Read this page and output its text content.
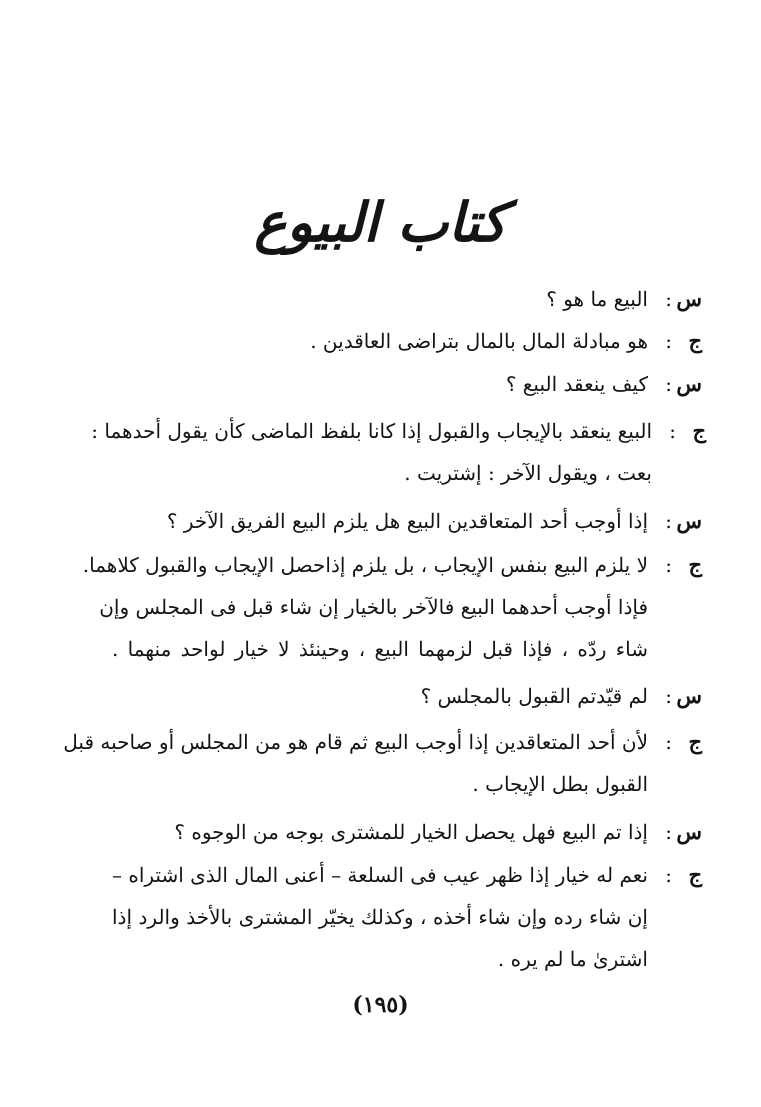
كتاب البيوع
س
:
البيع ما هو ؟
ج
:
هو مبادلة المال بالمال بتراضى العاقدين .
س
:
كيف ينعقد البيع ؟
ج
:
البيع ينعقد بالإيجاب والقبول إذا كانا بلفظ الماضى كأن يقول أحدهما :
بعت ، ويقول الآخر : إشتريت .
س
:
إذا أوجب أحد المتعاقدين البيع هل يلزم البيع الفريق الآخر ؟
ج
:
لا يلزم البيع بنفس الإيجاب ، بل يلزم إذاحصل الإيجاب والقبول كلاهما.
فإذا أوجب أحدهما البيع فالآخر بالخيار إن شاء قبل فى المجلس وإن
شاء ردّه ، فإذا قبل لزمهما البيع ، وحينئذ لا خيار لواحد منهما .
س
:
لم قيّدتم القبول بالمجلس ؟
ج
:
لأن أحد المتعاقدين إذا أوجب البيع ثم قام هو من المجلس أو صاحبه قبل
القبول بطل الإيجاب .
س
:
إذا تم البيع فهل يحصل الخيار للمشترى بوجه من الوجوه ؟
ج
:
نعم له خيار إذا ظهر عيب فى السلعة – أعنى المال الذى اشتراه –
إن شاء رده وإن شاء أخذه ، وكذلك يخيّر المشترى بالأخذ والرد إذا
اشترىٰ ما لم يره .
(١٩٥)
